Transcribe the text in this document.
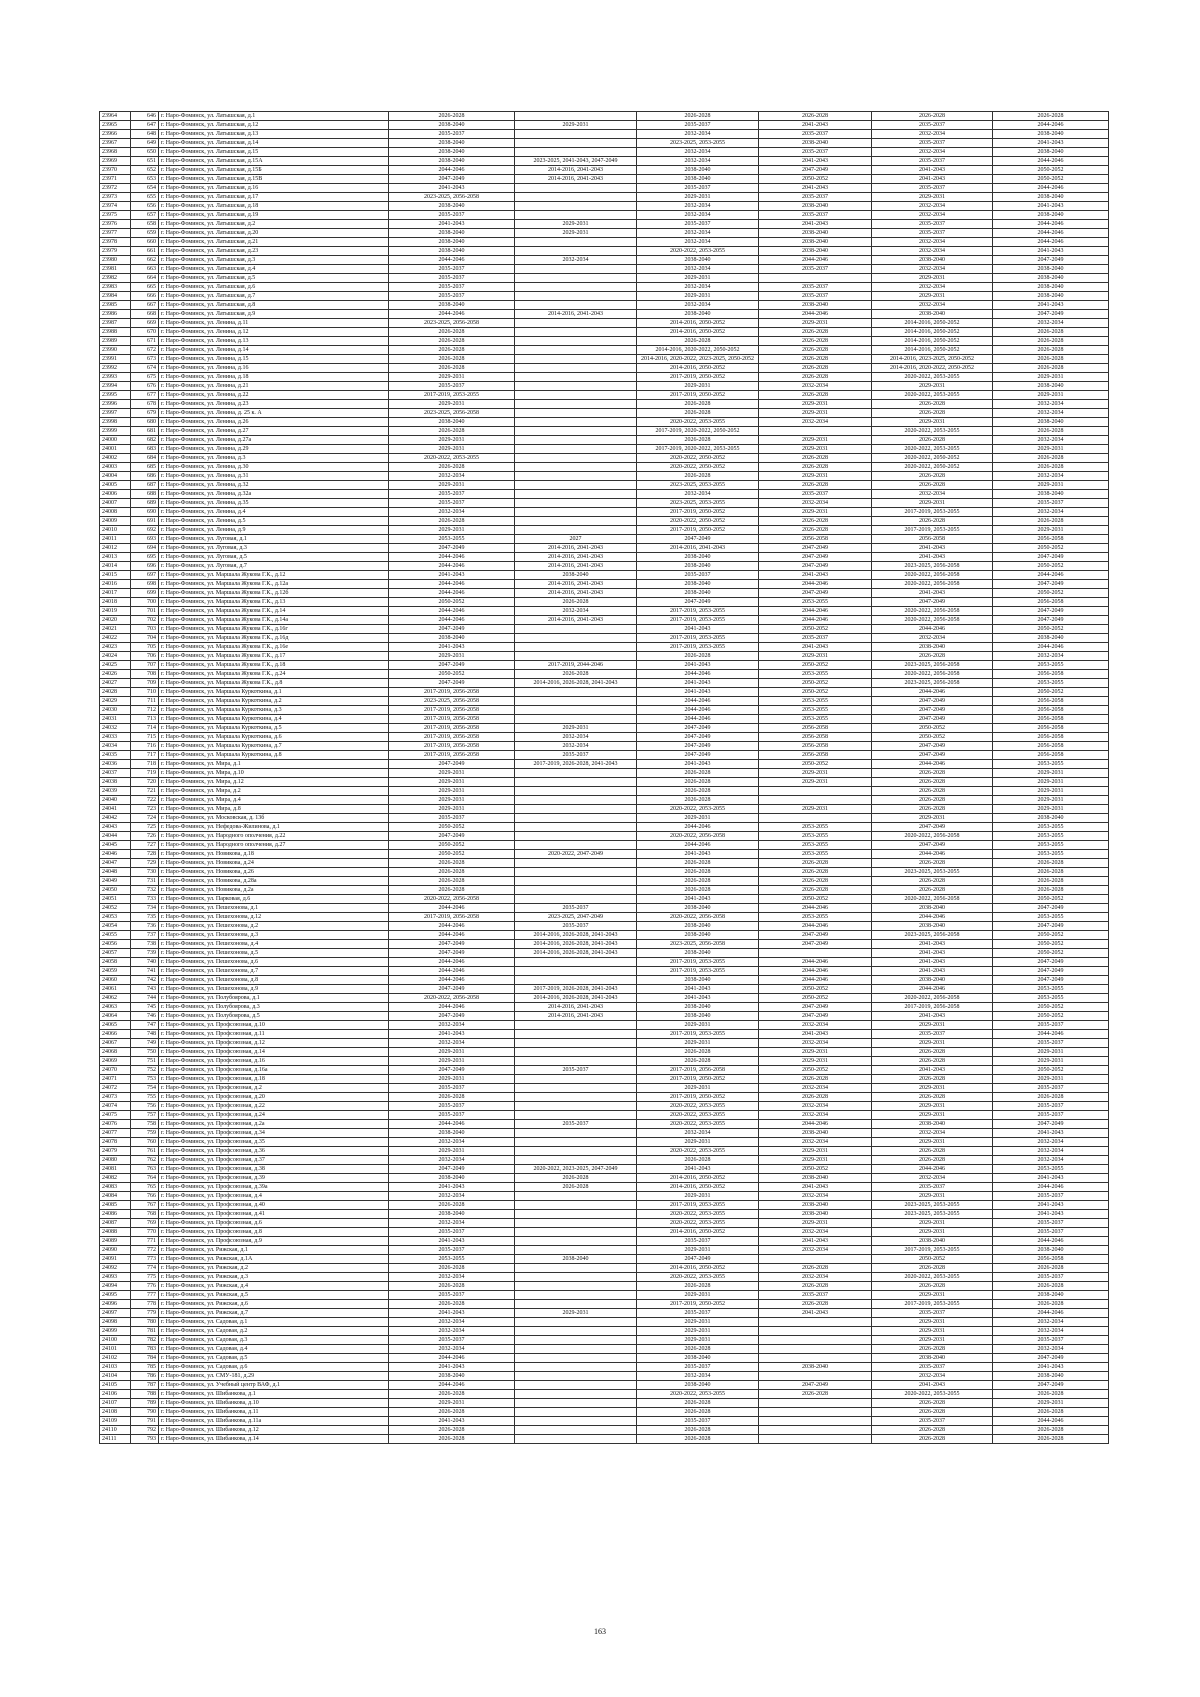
23964	646	г. Наро-Фоминск, ул. Латышская, д.1	2026-2028		2026-2028	2026-2028	2026-2028	2026-2028
23965	647	г. Наро-Фоминск, ул. Латышская, д.12	2038-2040	2029-2031	2035-2037	2041-2043	2035-2037	2044-2046
23966	648	г. Наро-Фоминск, ул. Латышская, д.13	2035-2037		2032-2034	2035-2037	2032-2034	2038-2040
23967	649	г. Наро-Фоминск, ул. Латышская, д.14	2038-2040		2023-2025, 2053-2055	2038-2040	2035-2037	2041-2043
23968	650	г. Наро-Фоминск, ул. Латышская, д.15	2038-2040		2032-2034	2035-2037	2032-2034	2038-2040
23969	651	г. Наро-Фоминск, ул. Латышская, д.15А	2038-2040	2023-2025, 2041-2043, 2047-2049	2032-2034	2041-2043	2035-2037	2044-2046
23970	652	г. Наро-Фоминск, ул. Латышская, д.15Б	2044-2046	2014-2016, 2041-2043	2038-2040	2047-2049	2041-2043	2050-2052
23971	653	г. Наро-Фоминск, ул. Латышская, д.15В	2047-2049	2014-2016, 2041-2043	2038-2040	2050-2052	2041-2043	2050-2052
23972	654	г. Наро-Фоминск, ул. Латышская, д.16	2041-2043		2035-2037	2041-2043	2035-2037	2044-2046
23973	655	г. Наро-Фоминск, ул. Латышская, д.17	2023-2025, 2056-2058		2029-2031	2035-2037	2029-2031	2038-2040
23974	656	г. Наро-Фоминск, ул. Латышская, д.18	2038-2040		2032-2034	2038-2040	2032-2034	2041-2043
23975	657	г. Наро-Фоминск, ул. Латышская, д.19	2035-2037		2032-2034	2035-2037	2032-2034	2038-2040
23976	658	г. Наро-Фоминск, ул. Латышская, д.2	2041-2043	2029-2031	2035-2037	2041-2043	2035-2037	2044-2046
23977	659	г. Наро-Фоминск, ул. Латышская, д.20	2038-2040	2029-2031	2032-2034	2038-2040	2035-2037	2044-2046
23978	660	г. Наро-Фоминск, ул. Латышская, д.21	2038-2040		2032-2034	2038-2040	2032-2034	2044-2046
23979	661	г. Наро-Фоминск, ул. Латышская, д.23	2038-2040		2020-2022, 2053-2055	2038-2040	2032-2034	2041-2043
23980	662	г. Наро-Фоминск, ул. Латышская, д.3	2044-2046	2032-2034	2038-2040	2044-2046	2038-2040	2047-2049
23981	663	г. Наро-Фоминск, ул. Латышская, д.4	2035-2037		2032-2034	2035-2037	2032-2034	2038-2040
23982	664	г. Наро-Фоминск, ул. Латышская, д.5	2035-2037		2029-2031		2029-2031	2038-2040
23983	665	г. Наро-Фоминск, ул. Латышская, д.6	2035-2037		2032-2034	2035-2037	2032-2034	2038-2040
23984	666	г. Наро-Фоминск, ул. Латышская, д.7	2035-2037		2029-2031	2035-2037	2029-2031	2038-2040
23985	667	г. Наро-Фоминск, ул. Латышская, д.8	2038-2040		2032-2034	2038-2040	2032-2034	2041-2043
23986	668	г. Наро-Фоминск, ул. Латышская, д.9	2044-2046	2014-2016, 2041-2043	2038-2040	2044-2046	2038-2040	2047-2049
23987	669	г. Наро-Фоминск, ул. Ленина, д.11	2023-2025, 2056-2058		2014-2016, 2050-2052	2029-2031	2014-2016, 2050-2052	2032-2034
23988	670	г. Наро-Фоминск, ул. Ленина, д.12	2026-2028		2014-2016, 2050-2052	2026-2028	2014-2016, 2050-2052	2026-2028
23989	671	г. Наро-Фоминск, ул. Ленина, д.13	2026-2028		2026-2028	2026-2028	2014-2016, 2050-2052	2026-2028
23990	672	г. Наро-Фоминск, ул. Ленина, д.14	2026-2028		2014-2016, 2020-2022, 2050-2052	2026-2028	2014-2016, 2050-2052	2026-2028
23991	673	г. Наро-Фоминск, ул. Ленина, д.15	2026-2028		2014-2016, 2020-2022, 2023-2025, 2050-2052	2026-2028	2014-2016, 2023-2025, 2050-2052	2026-2028
23992	674	г. Наро-Фоминск, ул. Ленина, д.16	2026-2028		2014-2016, 2050-2052	2026-2028	2014-2016, 2020-2022, 2050-2052	2026-2028
23993	675	г. Наро-Фоминск, ул. Ленина, д.18	2029-2031		2017-2019, 2050-2052	2026-2028	2020-2022, 2053-2055	2029-2031
23994	676	г. Наро-Фоминск, ул. Ленина, д.21	2035-2037		2029-2031	2032-2034	2029-2031	2038-2040
23995	677	г. Наро-Фоминск, ул. Ленина, д.22	2017-2019, 2053-2055		2017-2019, 2050-2052	2026-2028	2020-2022, 2053-2055	2029-2031
23996	678	г. Наро-Фоминск, ул. Ленина, д.23	2029-2031		2026-2028	2029-2031	2026-2028	2032-2034
23997	679	г. Наро-Фоминск, ул. Ленина, д. 25 к. А	2023-2025, 2056-2058		2026-2028	2029-2031	2026-2028	2032-2034
23998	680	г. Наро-Фоминск, ул. Ленина, д.26	2038-2040		2020-2022, 2053-2055	2032-2034	2029-2031	2038-2040
23999	681	г. Наро-Фоминск, ул. Ленина, д.27	2026-2028		2017-2019, 2020-2022, 2050-2052		2020-2022, 2053-2055	2026-2028
24000	682	г. Наро-Фоминск, ул. Ленина, д.27а	2029-2031		2026-2028	2029-2031	2026-2028	2032-2034
24001	683	г. Наро-Фоминск, ул. Ленина, д.29	2029-2031		2017-2019, 2020-2022, 2053-2055	2029-2031	2020-2022, 2053-2055	2029-2031
24002	684	г. Наро-Фоминск, ул. Ленина, д.3	2020-2022, 2053-2055		2020-2022, 2050-2052	2026-2028	2020-2022, 2050-2052	2026-2028
24003	685	г. Наро-Фоминск, ул. Ленина, д.30	2026-2028		2020-2022, 2050-2052	2026-2028	2020-2022, 2050-2052	2026-2028
24004	686	г. Наро-Фоминск, ул. Ленина, д.31	2032-2034		2026-2028	2029-2031	2026-2028	2032-2034
24005	687	г. Наро-Фоминск, ул. Ленина, д.32	2029-2031		2023-2025, 2053-2055	2026-2028	2026-2028	2029-2031
24006	688	г. Наро-Фоминск, ул. Ленина, д.32а	2035-2037		2032-2034	2035-2037	2032-2034	2038-2040
24007	689	г. Наро-Фоминск, ул. Ленина, д.35	2035-2037		2023-2025, 2053-2055	2032-2034	2029-2031	2035-2037
24008	690	г. Наро-Фоминск, ул. Ленина, д.4	2032-2034		2017-2019, 2050-2052	2029-2031	2017-2019, 2053-2055	2032-2034
24009	691	г. Наро-Фоминск, ул. Ленина, д.5	2026-2028		2020-2022, 2050-2052	2026-2028	2026-2028	2026-2028
24010	692	г. Наро-Фоминск, ул. Ленина, д.9	2029-2031		2017-2019, 2050-2052	2026-2028	2017-2019, 2053-2055	2029-2031
24011	693	г. Наро-Фоминск, ул. Луговая, д.1	2053-2055	2027	2047-2049	2056-2058	2056-2058	2056-2058
24012	694	г. Наро-Фоминск, ул. Луговая, д.3	2047-2049	2014-2016, 2041-2043	2014-2016, 2041-2043	2047-2049	2041-2043	2050-2052
24013	695	г. Наро-Фоминск, ул. Луговая, д.5	2044-2046	2014-2016, 2041-2043	2038-2040	2047-2049	2041-2043	2047-2049
24014	696	г. Наро-Фоминск, ул. Луговая, д.7	2044-2046	2014-2016, 2041-2043	2038-2040	2047-2049	2023-2025, 2056-2058	2050-2052
24015	697	г. Наро-Фоминск, ул. Маршала Жукова Г.К., д.12	2041-2043	2038-2040	2035-2037	2041-2043	2020-2022, 2056-2058	2044-2046
24016	698	г. Наро-Фоминск, ул. Маршала Жукова Г.К., д.12а	2044-2046	2014-2016, 2041-2043	2038-2040	2044-2046	2020-2022, 2056-2058	2047-2049
24017	699	г. Наро-Фоминск, ул. Маршала Жукова Г.К., д.12б	2044-2046	2014-2016, 2041-2043	2038-2040	2047-2049	2041-2043	2050-2052
24018	700	г. Наро-Фоминск, ул. Маршала Жукова Г.К., д.13	2050-2052	2026-2028	2047-2049	2053-2055	2047-2049	2056-2058
24019	701	г. Наро-Фоминск, ул. Маршала Жукова Г.К., д.14	2044-2046	2032-2034	2017-2019, 2053-2055	2044-2046	2020-2022, 2056-2058	2047-2049
24020	702	г. Наро-Фоминск, ул. Маршала Жукова Г.К., д.14а	2044-2046	2014-2016, 2041-2043	2017-2019, 2053-2055	2044-2046	2020-2022, 2056-2058	2047-2049
24021	703	г. Наро-Фоминск, ул. Маршала Жукова Г.К., д.16г	2047-2049		2041-2043	2050-2052	2044-2046	2050-2052
24022	704	г. Наро-Фоминск, ул. Маршала Жукова Г.К., д.16д	2038-2040		2017-2019, 2053-2055	2035-2037	2032-2034	2038-2040
24023	705	г. Наро-Фоминск, ул. Маршала Жукова Г.К., д.16е	2041-2043		2017-2019, 2053-2055	2041-2043	2038-2040	2044-2046
24024	706	г. Наро-Фоминск, ул. Маршала Жукова Г.К., д.17	2029-2031		2026-2028	2029-2031	2026-2028	2032-2034
24025	707	г. Наро-Фоминск, ул. Маршала Жукова Г.К., д.18	2047-2049	2017-2019, 2044-2046	2041-2043	2050-2052	2023-2025, 2056-2058	2053-2055
24026	708	г. Наро-Фоминск, ул. Маршала Жукова Г.К., д.24	2050-2052	2026-2028	2044-2046	2053-2055	2020-2022, 2056-2058	2056-2058
24027	709	г. Наро-Фоминск, ул. Маршала Жукова Г.К., д.8	2047-2049	2014-2016, 2026-2028, 2041-2043	2041-2043	2050-2052	2023-2025, 2056-2058	2053-2055
24028	710	г. Наро-Фоминск, ул. Маршала Куркоткина, д.1	2017-2019, 2056-2058		2041-2043	2050-2052	2044-2046	2050-2052
24029	711	г. Наро-Фоминск, ул. Маршала Куркоткина, д.2	2023-2025, 2056-2058		2044-2046	2053-2055	2047-2049	2056-2058
24030	712	г. Наро-Фоминск, ул. Маршала Куркоткина, д.3	2017-2019, 2056-2058		2044-2046	2053-2055	2047-2049	2056-2058
24031	713	г. Наро-Фоминск, ул. Маршала Куркоткина, д.4	2017-2019, 2056-2058		2044-2046	2053-2055	2047-2049	2056-2058
24032	714	г. Наро-Фоминск, ул. Маршала Куркоткина, д.5	2017-2019, 2056-2058	2029-2031	2047-2049	2056-2058	2050-2052	2056-2058
24033	715	г. Наро-Фоминск, ул. Маршала Куркоткина, д.6	2017-2019, 2056-2058	2032-2034	2047-2049	2056-2058	2050-2052	2056-2058
24034	716	г. Наро-Фоминск, ул. Маршала Куркоткина, д.7	2017-2019, 2056-2058	2032-2034	2047-2049	2056-2058	2047-2049	2056-2058
24035	717	г. Наро-Фоминск, ул. Маршала Куркоткина, д.8	2017-2019, 2056-2058	2035-2037	2047-2049	2056-2058	2047-2049	2056-2058
24036	718	г. Наро-Фоминск, ул. Мира, д.1	2047-2049	2017-2019, 2026-2028, 2041-2043	2041-2043	2050-2052	2044-2046	2053-2055
24037	719	г. Наро-Фоминск, ул. Мира, д.10	2029-2031		2026-2028	2029-2031	2026-2028	2029-2031
24038	720	г. Наро-Фоминск, ул. Мира, д.12	2029-2031		2026-2028	2029-2031	2026-2028	2029-2031
24039	721	г. Наро-Фоминск, ул. Мира, д.2	2029-2031		2026-2028		2026-2028	2029-2031
24040	722	г. Наро-Фоминск, ул. Мира, д.4	2029-2031		2026-2028		2026-2028	2029-2031
24041	723	г. Наро-Фоминск, ул. Мира, д.8	2029-2031		2020-2022, 2053-2055	2029-2031	2026-2028	2029-2031
24042	724	г. Наро-Фоминск, ул. Московская, д. 13б	2035-2037		2029-2031		2029-2031	2038-2040
24043	725	г. Наро-Фоминск, ул. Нефедова-Жилинова, д.1	2050-2052		2044-2046	2053-2055	2047-2049	2053-2055
24044	726	г. Наро-Фоминск, ул. Народного ополчения, д.22	2047-2049		2020-2022, 2056-2058	2053-2055	2020-2022, 2056-2058	2053-2055
24045	727	г. Наро-Фоминск, ул. Народного ополчения, д.27	2050-2052		2044-2046	2053-2055	2047-2049	2053-2055
24046	728	г. Наро-Фоминск, ул. Новикова, д.18	2050-2052	2020-2022, 2047-2049	2041-2043	2053-2055	2044-2046	2053-2055
24047	729	г. Наро-Фоминск, ул. Новикова, д.24	2026-2028		2026-2028	2026-2028	2026-2028	2026-2028
24048	730	г. Наро-Фоминск, ул. Новикова, д.26	2026-2028		2026-2028	2026-2028	2023-2025, 2053-2055	2026-2028
24049	731	г. Наро-Фоминск, ул. Новикова, д.28а	2026-2028		2026-2028	2026-2028	2026-2028	2026-2028
24050	732	г. Наро-Фоминск, ул. Новикова, д.2а	2026-2028		2026-2028	2026-2028	2026-2028	2026-2028
24051	733	г. Наро-Фоминск, ул. Парковая, д.6	2020-2022, 2056-2058		2041-2043	2050-2052	2020-2022, 2056-2058	2050-2052
24052	734	г. Наро-Фоминск, ул. Пешехонова, д.1	2044-2046	2035-2037	2038-2040	2044-2046	2038-2040	2047-2049
24053	735	г. Наро-Фоминск, ул. Пешехонова, д.12	2017-2019, 2056-2058	2023-2025, 2047-2049	2020-2022, 2056-2058	2053-2055	2044-2046	2053-2055
24054	736	г. Наро-Фоминск, ул. Пешехонова, д.2	2044-2046	2035-2037	2038-2040	2044-2046	2038-2040	2047-2049
24055	737	г. Наро-Фоминск, ул. Пешехонова, д.3	2044-2046	2014-2016, 2026-2028, 2041-2043	2038-2040	2047-2049	2023-2025, 2056-2058	2050-2052
24056	738	г. Наро-Фоминск, ул. Пешехонова, д.4	2047-2049	2014-2016, 2026-2028, 2041-2043	2023-2025, 2056-2058	2047-2049	2041-2043	2050-2052
24057	739	г. Наро-Фоминск, ул. Пешехонова, д.5	2047-2049	2014-2016, 2026-2028, 2041-2043	2038-2040		2041-2043	2050-2052
24058	740	г. Наро-Фоминск, ул. Пешехонова, д.6	2044-2046		2017-2019, 2053-2055	2044-2046	2041-2043	2047-2049
24059	741	г. Наро-Фоминск, ул. Пешехонова, д.7	2044-2046		2017-2019, 2053-2055	2044-2046	2041-2043	2047-2049
24060	742	г. Наро-Фоминск, ул. Пешехонова, д.8	2044-2046		2038-2040	2044-2046	2038-2040	2047-2049
24061	743	г. Наро-Фоминск, ул. Пешехонова, д.9	2047-2049	2017-2019, 2026-2028, 2041-2043	2041-2043	2050-2052	2044-2046	2053-2055
24062	744	г. Наро-Фоминск, ул. Полубоярова, д.1	2020-2022, 2056-2058	2014-2016, 2026-2028, 2041-2043	2041-2043	2050-2052	2020-2022, 2056-2058	2053-2055
24063	745	г. Наро-Фоминск, ул. Полубоярова, д.3	2044-2046	2014-2016, 2041-2043	2038-2040	2047-2049	2017-2019, 2056-2058	2050-2052
24064	746	г. Наро-Фоминск, ул. Полубоярова, д.5	2047-2049	2014-2016, 2041-2043	2038-2040	2047-2049	2041-2043	2050-2052
24065	747	г. Наро-Фоминск, ул. Профсоюзная, д.10	2032-2034		2029-2031	2032-2034	2029-2031	2035-2037
24066	748	г. Наро-Фоминск, ул. Профсоюзная, д.11	2041-2043		2017-2019, 2053-2055	2041-2043	2035-2037	2044-2046
24067	749	г. Наро-Фоминск, ул. Профсоюзная, д.12	2032-2034		2029-2031	2032-2034	2029-2031	2035-2037
24068	750	г. Наро-Фоминск, ул. Профсоюзная, д.14	2029-2031		2026-2028	2029-2031	2026-2028	2029-2031
24069	751	г. Наро-Фоминск, ул. Профсоюзная, д.16	2029-2031		2026-2028	2029-2031	2026-2028	2029-2031
24070	752	г. Наро-Фоминск, ул. Профсоюзная, д.16а	2047-2049	2035-2037	2017-2019, 2056-2058	2050-2052	2041-2043	2050-2052
24071	753	г. Наро-Фоминск, ул. Профсоюзная, д.18	2029-2031		2017-2019, 2050-2052	2026-2028	2026-2028	2029-2031
24072	754	г. Наро-Фоминск, ул. Профсоюзная, д.2	2035-2037		2029-2031	2032-2034	2029-2031	2035-2037
24073	755	г. Наро-Фоминск, ул. Профсоюзная, д.20	2026-2028		2017-2019, 2050-2052	2026-2028	2026-2028	2026-2028
24074	756	г. Наро-Фоминск, ул. Профсоюзная, д.22	2035-2037		2020-2022, 2053-2055	2032-2034	2029-2031	2035-2037
24075	757	г. Наро-Фоминск, ул. Профсоюзная, д.24	2035-2037		2020-2022, 2053-2055	2032-2034	2029-2031	2035-2037
24076	758	г. Наро-Фоминск, ул. Профсоюзная, д.2а	2044-2046	2035-2037	2020-2022, 2053-2055	2044-2046	2038-2040	2047-2049
24077	759	г. Наро-Фоминск, ул. Профсоюзная, д.34	2038-2040		2032-2034	2038-2040	2032-2034	2041-2043
24078	760	г. Наро-Фоминск, ул. Профсоюзная, д.35	2032-2034		2029-2031	2032-2034	2029-2031	2032-2034
24079	761	г. Наро-Фоминск, ул. Профсоюзная, д.36	2029-2031		2020-2022, 2053-2055	2029-2031	2026-2028	2032-2034
24080	762	г. Наро-Фоминск, ул. Профсоюзная, д.37	2032-2034		2026-2028	2029-2031	2026-2028	2032-2034
24081	763	г. Наро-Фоминск, ул. Профсоюзная, д.38	2047-2049	2020-2022, 2023-2025, 2047-2049	2041-2043	2050-2052	2044-2046	2053-2055
24082	764	г. Наро-Фоминск, ул. Профсоюзная, д.39	2038-2040	2026-2028	2014-2016, 2050-2052	2038-2040	2032-2034	2041-2043
24083	765	г. Наро-Фоминск, ул. Профсоюзная, д.39а	2041-2043	2026-2028	2014-2016, 2050-2052	2041-2043	2035-2037	2044-2046
24084	766	г. Наро-Фоминск, ул. Профсоюзная, д.4	2032-2034		2029-2031	2032-2034	2029-2031	2035-2037
24085	767	г. Наро-Фоминск, ул. Профсоюзная, д.40	2026-2028		2017-2019, 2053-2055	2038-2040	2023-2025, 2053-2055	2041-2043
24086	768	г. Наро-Фоминск, ул. Профсоюзная, д.41	2038-2040		2020-2022, 2053-2055	2038-2040	2023-2025, 2053-2055	2041-2043
24087	769	г. Наро-Фоминск, ул. Профсоюзная, д.6	2032-2034		2020-2022, 2053-2055	2029-2031	2029-2031	2035-2037
24088	770	г. Наро-Фоминск, ул. Профсоюзная, д.8	2035-2037		2014-2016, 2050-2052	2032-2034	2029-2031	2035-2037
24089	771	г. Наро-Фоминск, ул. Профсоюзная, д.9	2041-2043		2035-2037	2041-2043	2038-2040	2044-2046
24090	772	г. Наро-Фоминск, ул. Рижская, д.1	2035-2037		2029-2031	2032-2034	2017-2019, 2053-2055	2038-2040
24091	773	г. Наро-Фоминск, ул. Рижская, д.1А	2053-2055	2038-2040	2047-2049		2050-2052	2056-2058
24092	774	г. Наро-Фоминск, ул. Рижская, д.2	2026-2028		2014-2016, 2050-2052	2026-2028	2026-2028	2026-2028
24093	775	г. Наро-Фоминск, ул. Рижская, д.3	2032-2034		2020-2022, 2053-2055	2032-2034	2020-2022, 2053-2055	2035-2037
24094	776	г. Наро-Фоминск, ул. Рижская, д.4	2026-2028		2026-2028	2026-2028	2026-2028	2026-2028
24095	777	г. Наро-Фоминск, ул. Рижская, д.5	2035-2037		2029-2031	2035-2037	2029-2031	2038-2040
24096	778	г. Наро-Фоминск, ул. Рижская, д.6	2026-2028		2017-2019, 2050-2052	2026-2028	2017-2019, 2053-2055	2026-2028
24097	779	г. Наро-Фоминск, ул. Рижская, д.7	2041-2043	2029-2031	2035-2037	2041-2043	2035-2037	2044-2046
24098	780	г. Наро-Фоминск, ул. Садовая, д.1	2032-2034		2029-2031		2029-2031	2032-2034
24099	781	г. Наро-Фоминск, ул. Садовая, д.2	2032-2034		2029-2031		2029-2031	2032-2034
24100	782	г. Наро-Фоминск, ул. Садовая, д.3	2035-2037		2029-2031		2029-2031	2035-2037
24101	783	г. Наро-Фоминск, ул. Садовая, д.4	2032-2034		2026-2028		2026-2028	2032-2034
24102	784	г. Наро-Фоминск, ул. Садовая, д.5	2044-2046		2038-2040		2038-2040	2047-2049
24103	785	г. Наро-Фоминск, ул. Садовая, д.6	2041-2043		2035-2037	2038-2040	2035-2037	2041-2043
24104	786	г. Наро-Фоминск, ул. СМУ-181, д.29	2038-2040		2032-2034		2032-2034	2038-2040
24105	787	г. Наро-Фоминск, ул. Учебный центр ВАФ, д.1	2044-2046		2038-2040	2047-2049	2041-2043	2047-2049
24106	788	г. Наро-Фоминск, ул. Шибанкова, д.1	2026-2028		2020-2022, 2053-2055	2026-2028	2020-2022, 2053-2055	2026-2028
24107	789	г. Наро-Фоминск, ул. Шибанкова, д.10	2029-2031		2026-2028		2026-2028	2029-2031
24108	790	г. Наро-Фоминск, ул. Шибанкова, д.11	2026-2028		2026-2028		2026-2028	2026-2028
24109	791	г. Наро-Фоминск, ул. Шибанкова, д.11а	2041-2043		2035-2037		2035-2037	2044-2046
24110	792	г. Наро-Фоминск, ул. Шибанкова, д.12	2026-2028		2026-2028		2026-2028	2026-2028
24111	793	г. Наро-Фоминск, ул. Шибанкова, д.14	2026-2028		2026-2028		2026-2028	2026-2028
163
